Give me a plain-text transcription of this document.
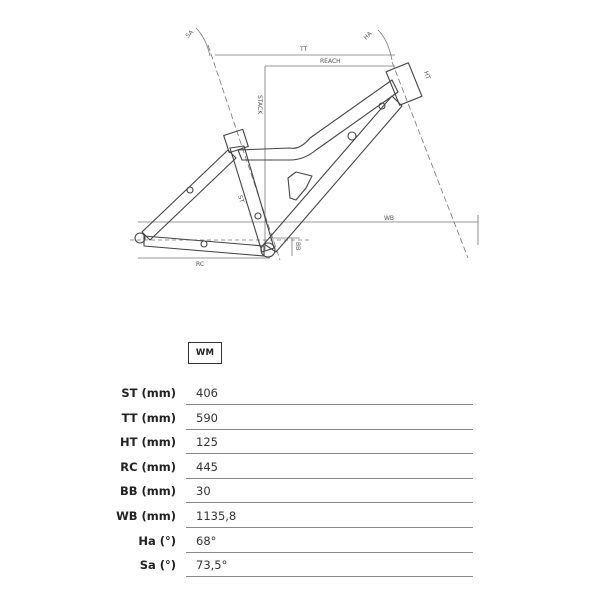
SA	HA
TT
REACH
STACK
HT
ST
WB
BB
RC
WM
ST (mm) 406
TT (mm) 590
HT (mm) 125
RC (mm) 445
BB (mm) 30
WB (mm) 1135,8
Ha (°) 68°
Sa (°) 73,5°
